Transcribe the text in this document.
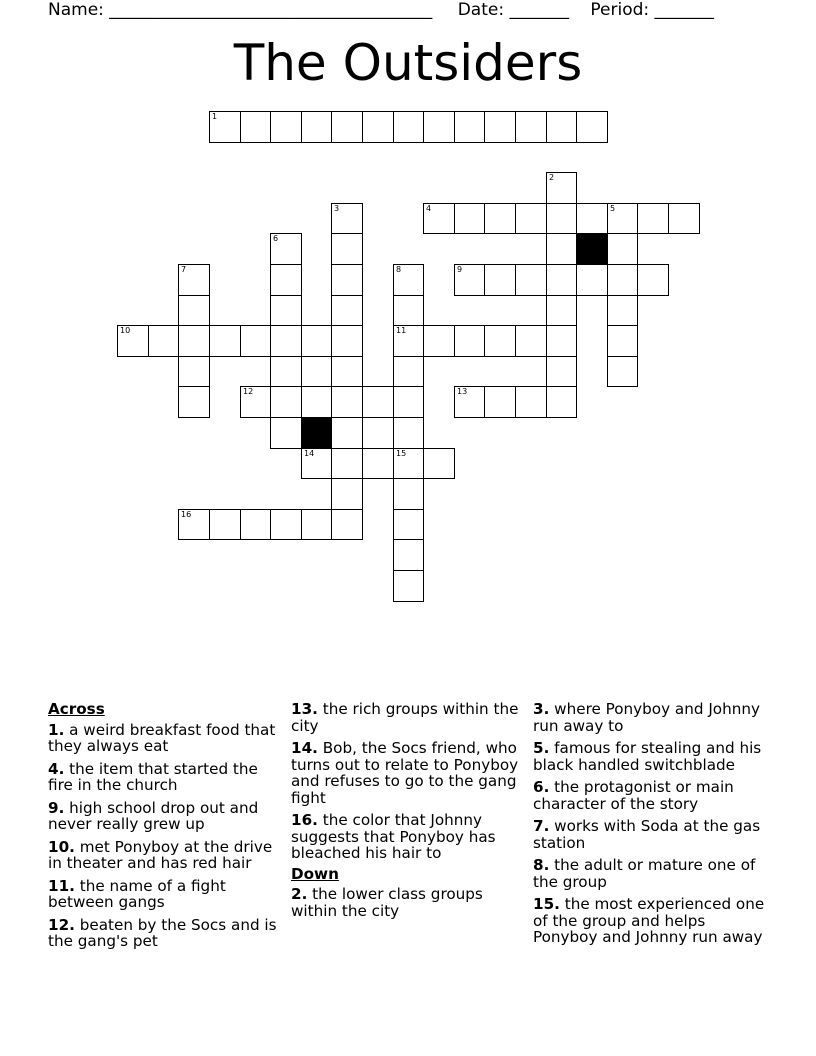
Name: ______________________________________ Date: _______ Period: _______
The Outsiders
1
2
3	4	5
6
7	8
11
9
10
12	13
14	15
16
Across
1. a weird breakfast food that they always eat
4. the item that started the fire in the church
9. high school drop out and never really grew up
10. met Ponyboy at the drive in theater and has red hair
11. the name of a fight between gangs
12. beaten by the Socs and is the gang's pet
13. the rich groups within the city
14. Bob, the Socs friend, who turns out to relate to Ponyboy and refuses to go to the gang fight
16. the color that Johnny suggests that Ponyboy has bleached his hair to
Down
2. the lower class groups within the city
3. where Ponyboy and Johnny run away to
5. famous for stealing and his black handled switchblade
6. the protagonist or main character of the story
7. works with Soda at the gas station
8. the adult or mature one of the group
15. the most experienced one of the group and helps Ponyboy and Johnny run away
